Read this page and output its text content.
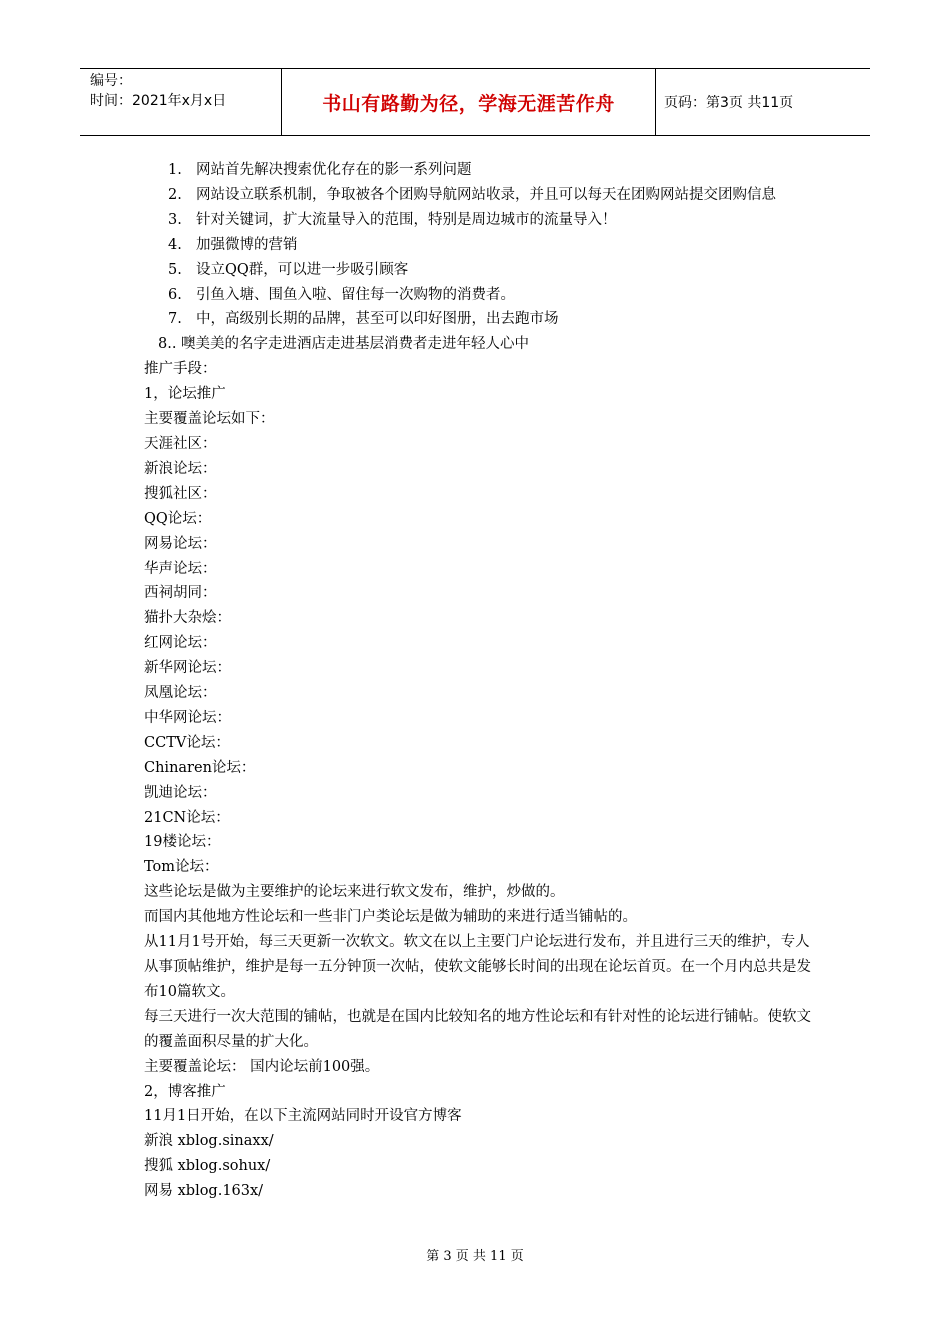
编号：
时间：2021年x月x日	书山有路勤为径，学海无涯苦作舟	页码：第3页 共11页
1. 网站首先解决搜索优化存在的影一系列问题
2. 网站设立联系机制，争取被各个团购导航网站收录，并且可以每天在团购网站提交团购信息
3. 针对关键词，扩大流量导入的范围，特别是周边城市的流量导入！
4. 加强微博的营销
5. 设立QQ群，可以进一步吸引顾客
6. 引鱼入塘、围鱼入啦、留住每一次购物的消费者。
7. 中，高级别长期的品牌，甚至可以印好图册，出去跑市场

8.. 噢美美的名字走进酒店走进基层消费者走进年轻人心中

推广手段：

1，论坛推广

主要覆盖论坛如下：

天涯社区：

新浪论坛：

搜狐社区：

QQ论坛：

网易论坛：

华声论坛：

西祠胡同：

猫扑大杂烩：

红网论坛：

新华网论坛：

凤凰论坛：

中华网论坛：

CCTV论坛：

Chinaren论坛：

凯迪论坛：

21CN论坛：

19楼论坛：

Tom论坛：

这些论坛是做为主要维护的论坛来进行软文发布，维护，炒做的。

而国内其他地方性论坛和一些非门户类论坛是做为辅助的来进行适当铺帖的。

从11月1号开始，每三天更新一次软文。软文在以上主要门户论坛进行发布，并且进行三天的维护，专人从事顶帖维护，维护是每一五分钟顶一次帖，使软文能够长时间的出现在论坛首页。在一个月内总共是发布10篇软文。

每三天进行一次大范围的铺帖，也就是在国内比较知名的地方性论坛和有针对性的论坛进行铺帖。使软文的覆盖面积尽量的扩大化。

主要覆盖论坛： 国内论坛前100强。

2，博客推广

11月1日开始，在以下主流网站同时开设官方博客

新浪 xblog.sinaxx/

搜狐 xblog.sohux/

网易 xblog.163x/

第 3 页 共 11 页
